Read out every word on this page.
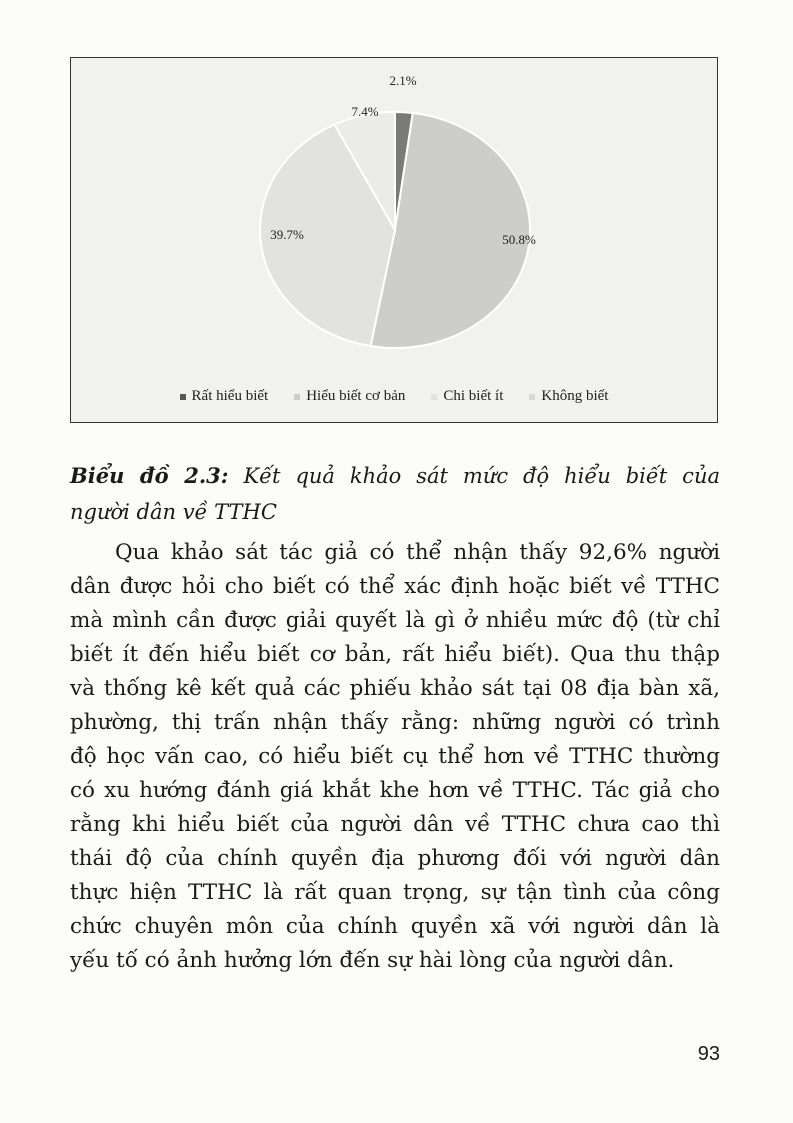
2.1%
50.8%
39.7%
7.4%
Rất hiểu biết	Hiểu biết cơ bản	Chi biết ít	Không biết
Biểu đồ 2.3: Kết quả khảo sát mức độ hiểu biết của
người dân về TTHC
Qua khảo sát tác giả có thể nhận thấy 92,6% người
dân được hỏi cho biết có thể xác định hoặc biết về TTHC
mà mình cần được giải quyết là gì ở nhiều mức độ (từ chỉ
biết ít đến hiểu biết cơ bản, rất hiểu biết). Qua thu thập
và thống kê kết quả các phiếu khảo sát tại 08 địa bàn xã,
phường, thị trấn nhận thấy rằng: những người có trình
độ học vấn cao, có hiểu biết cụ thể hơn về TTHC thường
có xu hướng đánh giá khắt khe hơn về TTHC. Tác giả cho
rằng khi hiểu biết của người dân về TTHC chưa cao thì
thái độ của chính quyền địa phương đối với người dân
thực hiện TTHC là rất quan trọng, sự tận tình của công
chức chuyên môn của chính quyền xã với người dân là
yếu tố có ảnh hưởng lớn đến sự hài lòng của người dân.
93
